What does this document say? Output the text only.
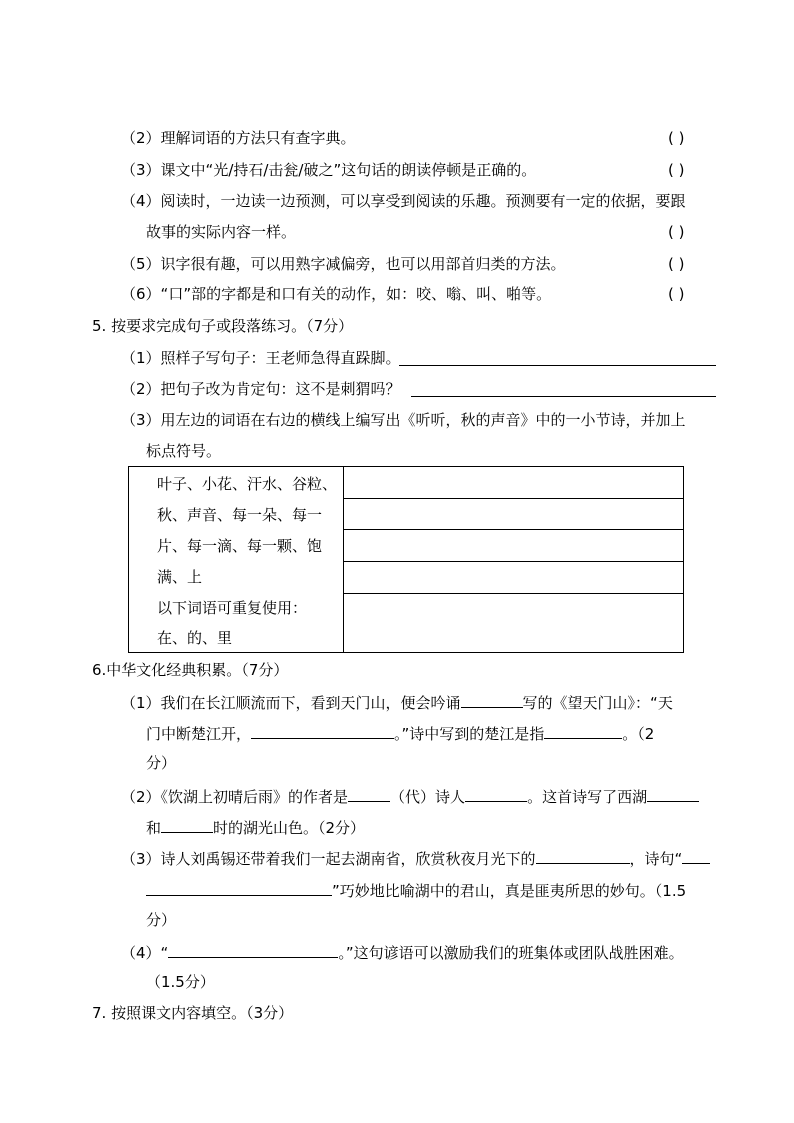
（2）理解词语的方法只有查字典。	( )
（3）课文中“光/持石/击瓮/破之”这句话的朗读停顿是正确的。	( )
（4）阅读时，一边读一边预测，可以享受到阅读的乐趣。预测要有一定的依据，要跟
故事的实际内容一样。	( )
（5）识字很有趣，可以用熟字减偏旁，也可以用部首归类的方法。	( )
（6）“口”部的字都是和口有关的动作，如：咬、嗡、叫、啪等。	( )
5. 按要求完成句子或段落练习。（7分）
（1）照样子写句子：王老师急得直跺脚。
（2）把句子改为肯定句：这不是刺猬吗？
（3）用左边的词语在右边的横线上编写出《听听，秋的声音》中的一小节诗，并加上
标点符号。
叶子、小花、汗水、谷粒、
秋、声音、每一朵、每一
片、每一滴、每一颗、饱
满、上
以下词语可重复使用：
在、的、里
6.中华文化经典积累。（7分）
（1）我们在长江顺流而下，看到天门山，便会吟诵	写的《望天门山》：“天
门中断楚江开，	。”诗中写到的楚江是指	。（2
分）
（2）《饮湖上初晴后雨》的作者是	（代）诗人	。这首诗写了西湖
和	时的湖光山色。（2分）
（3）诗人刘禹锡还带着我们一起去湖南省，欣赏秋夜月光下的	，诗句“
”巧妙地比喻湖中的君山，真是匪夷所思的妙句。（1.5
分）
（4）“	。”这句谚语可以激励我们的班集体或团队战胜困难。
（1.5分）
7. 按照课文内容填空。（3分）
